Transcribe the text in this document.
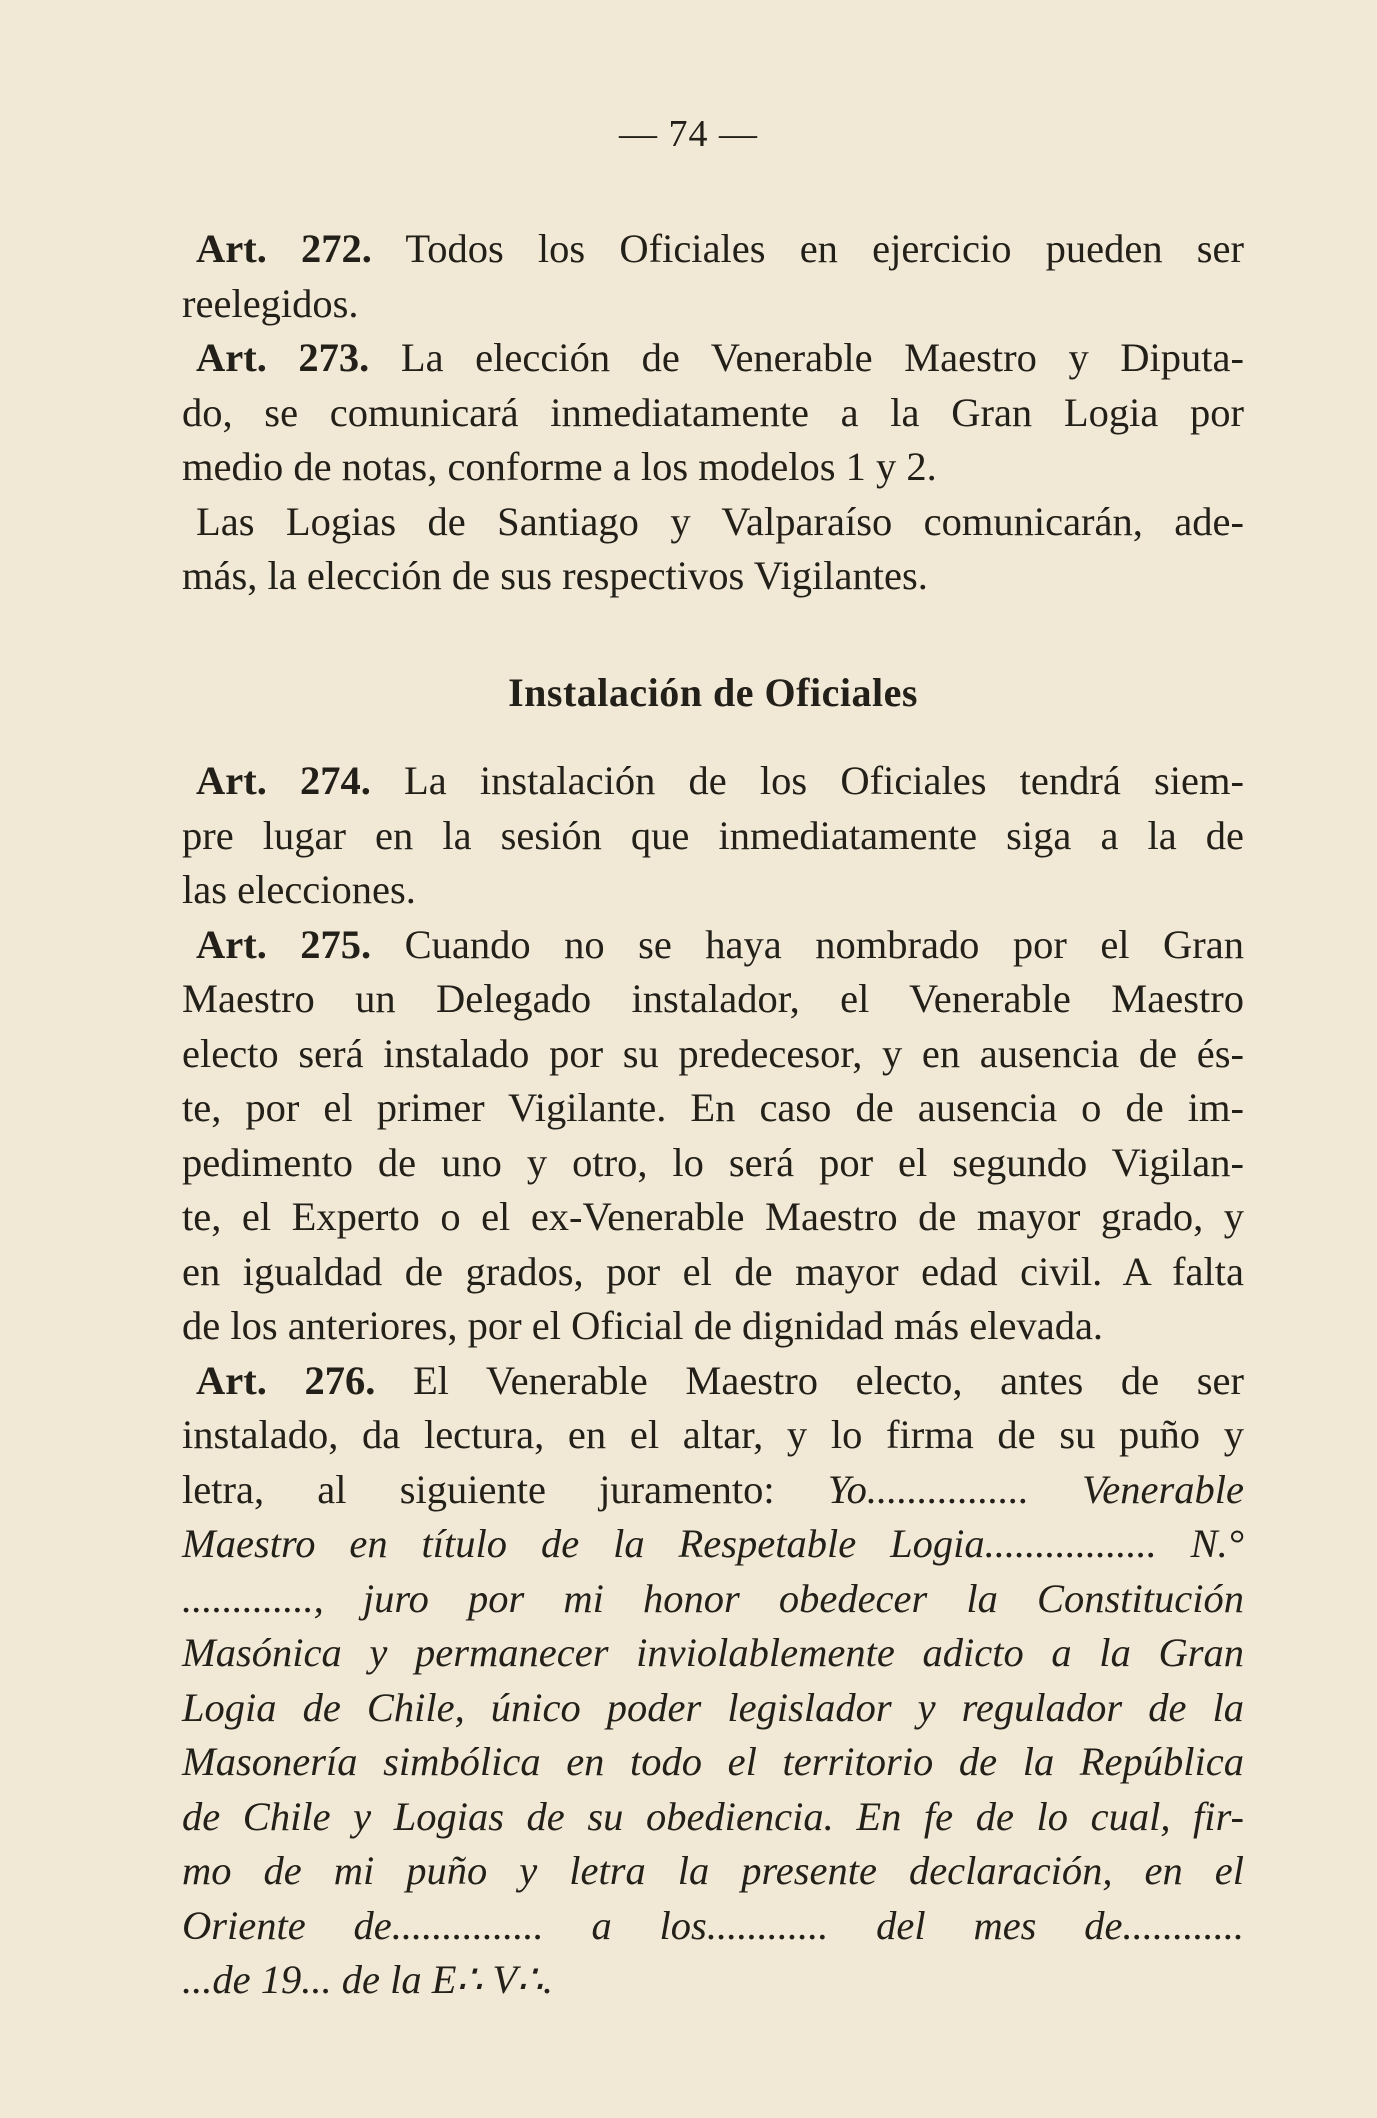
— 74 —
Art. 272. Todos los Oficiales en ejercicio pueden ser
reelegidos.
Art. 273. La elección de Venerable Maestro y Diputa-
do, se comunicará inmediatamente a la Gran Logia por
medio de notas, conforme a los modelos 1 y 2.
Las Logias de Santiago y Valparaíso comunicarán, ade-
más, la elección de sus respectivos Vigilantes.
Instalación de Oficiales
Art. 274. La instalación de los Oficiales tendrá siem-
pre lugar en la sesión que inmediatamente siga a la de
las elecciones.
Art. 275. Cuando no se haya nombrado por el Gran
Maestro un Delegado instalador, el Venerable Maestro
electo será instalado por su predecesor, y en ausencia de és-
te, por el primer Vigilante. En caso de ausencia o de im-
pedimento de uno y otro, lo será por el segundo Vigilan-
te, el Experto o el ex-Venerable Maestro de mayor grado, y
en igualdad de grados, por el de mayor edad civil. A falta
de los anteriores, por el Oficial de dignidad más elevada.
Art. 276. El Venerable Maestro electo, antes de ser
instalado, da lectura, en el altar, y lo firma de su puño y
letra, al siguiente juramento: Yo................ Venerable
Maestro en título de la Respetable Logia................. N.°
............., juro por mi honor obedecer la Constitución
Masónica y permanecer inviolablemente adicto a la Gran
Logia de Chile, único poder legislador y regulador de la
Masonería simbólica en todo el territorio de la República
de Chile y Logias de su obediencia. En fe de lo cual, fir-
mo de mi puño y letra la presente declaración, en el
Oriente de............... a los............ del mes de............
...de 19... de la E∴ V∴.
